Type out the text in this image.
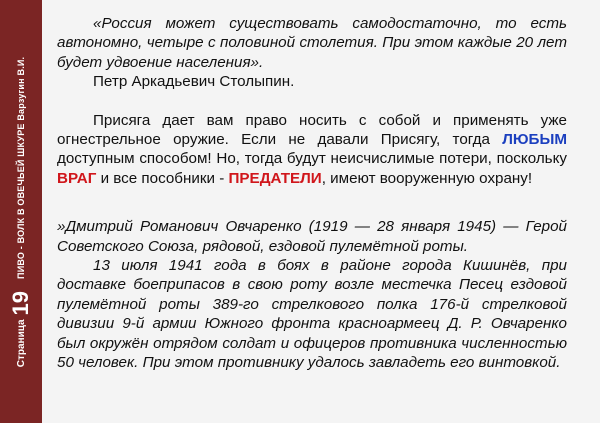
Страница
19
ПИВО - ВОЛК В ОВЕЧЬЕЙ ШКУРЕ Варзугин В.И.

«Россия может существовать самодостаточно, то есть автономно, четыре с половиной столетия. При этом каждые 20 лет будет удвоение населения».

Петр Аркадьевич Столыпин.

Присяга дает вам право носить с собой и применять уже огнестрельное оружие. Если не давали Присягу, тогда ЛЮБЫМ доступным способом! Но, тогда будут неисчислимые потери, поскольку ВРАГ и все пособники - ПРЕДАТЕЛИ, имеют вооруженную охрану!

»Дмитрий Романович Овчаренко (1919 — 28 января 1945) — Герой Советского Союза, рядовой, ездовой пулемётной роты.

13 июля 1941 года в боях в районе города Кишинёв, при доставке боеприпасов в свою роту возле местечка Песец ездовой пулемётной роты 389-го стрелкового полка 176-й стрелковой дивизии 9-й армии Южного фронта красноармеец Д. Р. Овчаренко был окружён отрядом солдат и офицеров противника численностью 50 человек. При этом противнику удалось завладеть его винтовкой.
